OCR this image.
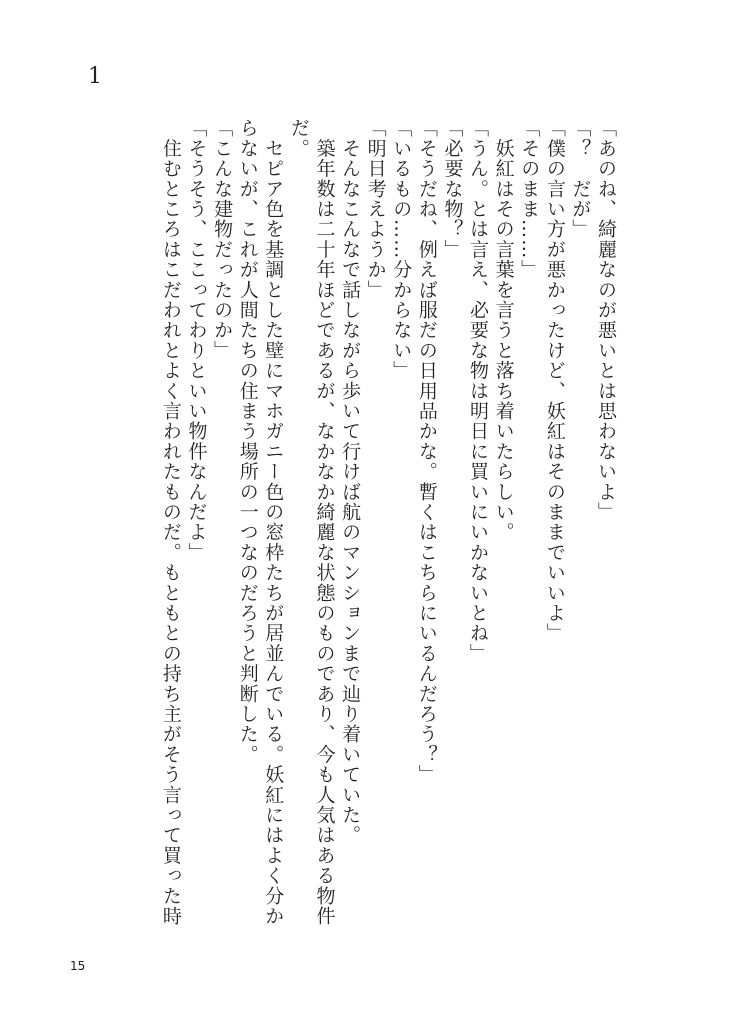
1

「あのね、綺麗なのが悪いとは思わないよ」

「？　だが」

「僕の言い方が悪かったけど、妖紅はそのままでいいよ」

「そのまま……」

　妖紅はその言葉を言うと落ち着いたらしい。

「うん。とは言え、必要な物は明日に買いにいかないとね」

「必要な物？」

「そうだね、例えば服だの日用品かな。暫くはこちらにいるんだろう？」

「いるもの……分からない」

「明日考えようか」

　そんなこんなで話しながら歩いて行けば航のマンションまで辿り着いていた。

　築年数は二十年ほどであるが、なかなか綺麗な状態のものであり、今も人気はある物件

だ。

　セピア色を基調とした壁にマホガニー色の窓枠たちが居並んでいる。妖紅にはよく分か

らないが、これが人間たちの住まう場所の一つなのだろうと判断した。

「こんな建物だったのか」

「そうそう、ここってわりといい物件なんだよ」

　住むところはこだわれとよく言われたものだ。もともとの持ち主がそう言って買った時

15
